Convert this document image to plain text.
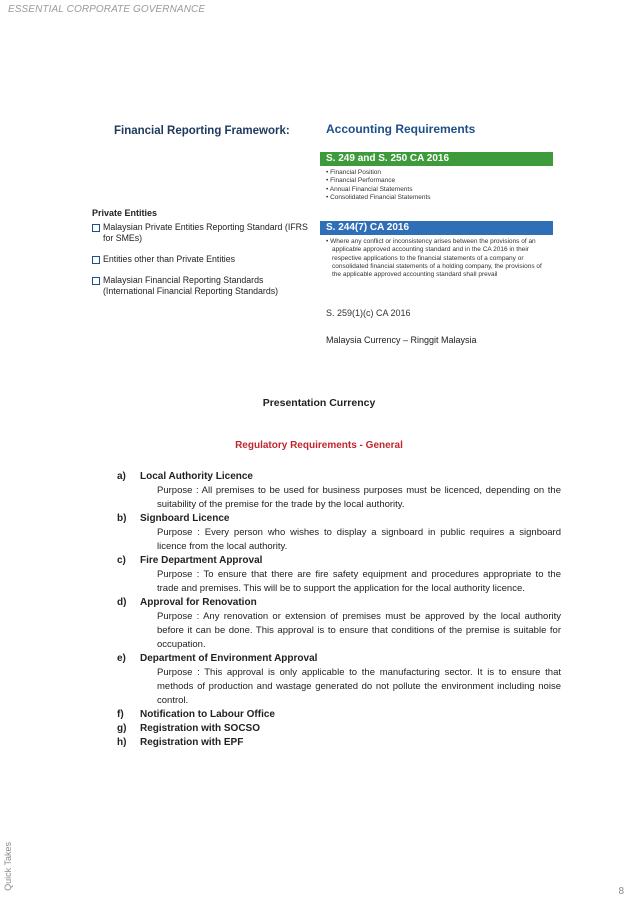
ESSENTIAL CORPORATE GOVERNANCE
Financial Reporting Framework:	Accounting Requirements
S. 249 and S. 250 CA 2016
• Financial Position
• Financial Performance
• Annual Financial Statements
• Consolidated Financial Statements
S. 244(7) CA 2016
• Where any conflict or inconsistency arises between the provisions of an applicable approved accounting standard and in the CA 2016 in their respective applications to the financial statements of a company or consolidated financial statements of a holding company, the provisions of the applicable approved accounting standard shall prevail
Private Entities
Malaysian Private Entities Reporting Standard (IFRS for SMEs)
Entities other than Private Entities
Malaysian Financial Reporting Standards (International Financial Reporting Standards)
S. 259(1)(c) CA 2016
Malaysia Currency – Ringgit Malaysia
Presentation Currency
Regulatory Requirements - General
a)	Local Authority Licence
Purpose : All premises to be used for business purposes must be licenced, depending on the suitability of the premise for the trade by the local authority.
b)	Signboard Licence
Purpose : Every person who wishes to display a signboard in public requires a signboard licence from the local authority.
c)	Fire Department Approval
Purpose : To ensure that there are fire safety equipment and procedures appropriate to the trade and premises. This will be to support the application for the local authority licence.
d)	Approval for Renovation
Purpose : Any renovation or extension of premises must be approved by the local authority before it can be done. This approval is to ensure that conditions of the premise is suitable for occupation.
e)	Department of Environment Approval
Purpose : This approval is only applicable to the manufacturing sector. It is to ensure that methods of production and wastage generated do not pollute the environment including noise control.
f)	Notification to Labour Office
g)	Registration with SOCSO
h)	Registration with EPF
Quick Takes
8
